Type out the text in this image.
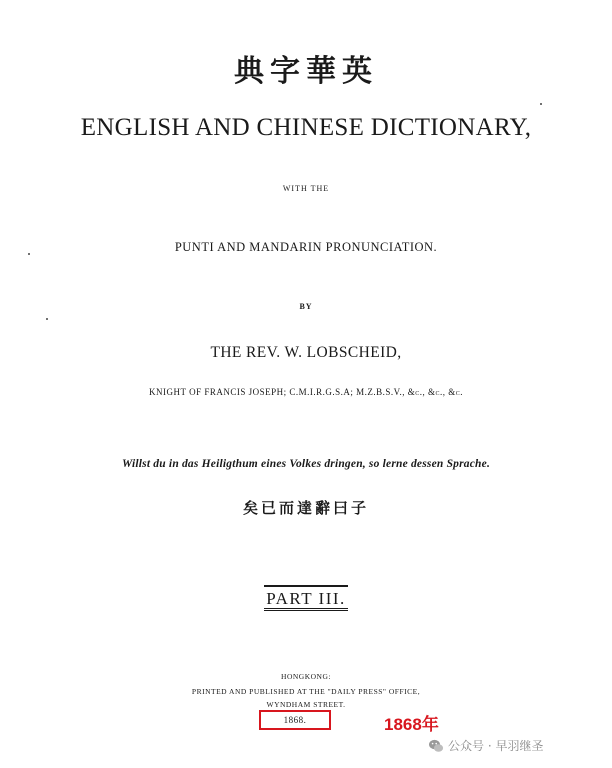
典字華英
ENGLISH AND CHINESE DICTIONARY,
WITH THE
PUNTI AND MANDARIN PRONUNCIATION.
BY
THE REV. W. LOBSCHEID,
KNIGHT OF FRANCIS JOSEPH; C.M.I.R.G.S.A; M.Z.B.S.V., &c., &c., &c.
Willst du in das Heiligthum eines Volkes dringen, so lerne dessen Sprache.
矣已而達辭曰子
PART III.
HONGKONG:
PRINTED AND PUBLISHED AT THE "DAILY PRESS" OFFICE,
WYNDHAM STREET.
1868.	1868年
公众号 · 早羽继圣
